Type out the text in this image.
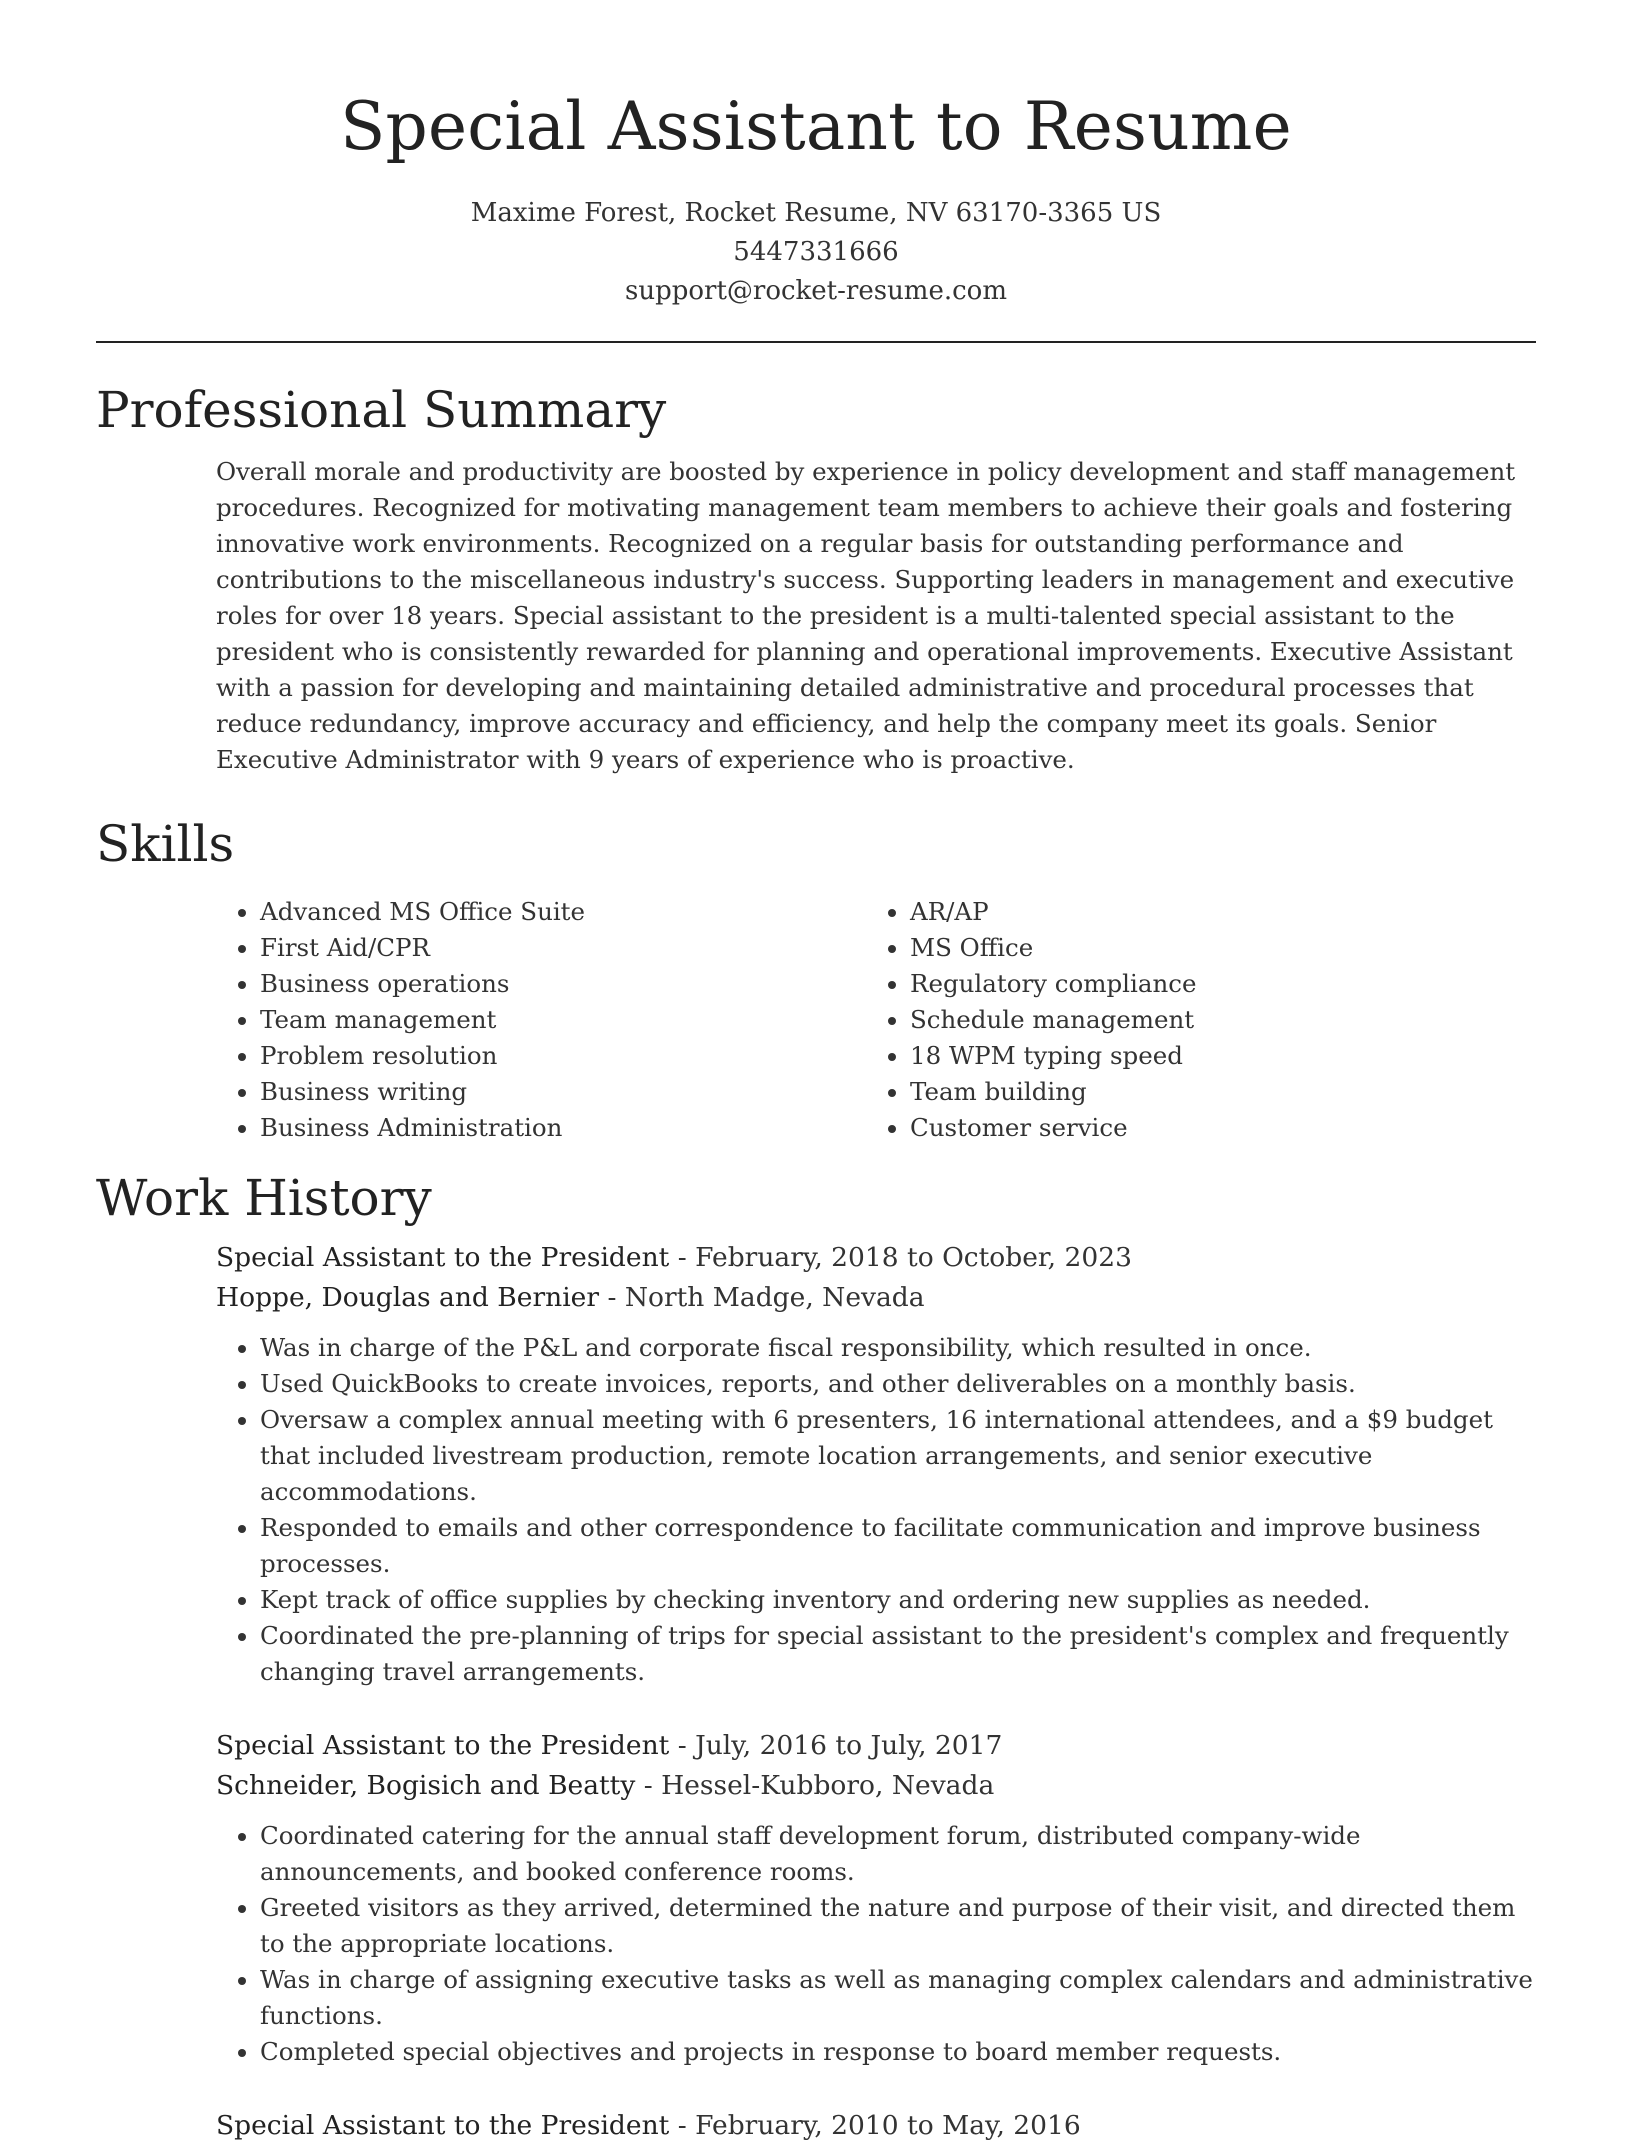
Special Assistant to Resume
Maxime Forest, Rocket Resume, NV 63170-3365 US
5447331666
support@rocket-resume.com
Professional Summary
Overall morale and productivity are boosted by experience in policy development and staff management procedures. Recognized for motivating management team members to achieve their goals and fostering innovative work environments. Recognized on a regular basis for outstanding performance and contributions to the miscellaneous industry's success. Supporting leaders in management and executive roles for over 18 years. Special assistant to the president is a multi-talented special assistant to the president who is consistently rewarded for planning and operational improvements. Executive Assistant with a passion for developing and maintaining detailed administrative and procedural processes that reduce redundancy, improve accuracy and efficiency, and help the company meet its goals. Senior Executive Administrator with 9 years of experience who is proactive.
Skills
• Advanced MS Office Suite
• First Aid/CPR
• Business operations
• Team management
• Problem resolution
• Business writing
• Business Administration
• AR/AP
• MS Office
• Regulatory compliance
• Schedule management
• 18 WPM typing speed
• Team building
• Customer service
Work History
Special Assistant to the President - February, 2018 to October, 2023
Hoppe, Douglas and Bernier - North Madge, Nevada
• Was in charge of the P&L and corporate fiscal responsibility, which resulted in once.
• Used QuickBooks to create invoices, reports, and other deliverables on a monthly basis.
• Oversaw a complex annual meeting with 6 presenters, 16 international attendees, and a $9 budget that included livestream production, remote location arrangements, and senior executive accommodations.
• Responded to emails and other correspondence to facilitate communication and improve business processes.
• Kept track of office supplies by checking inventory and ordering new supplies as needed.
• Coordinated the pre-planning of trips for special assistant to the president's complex and frequently changing travel arrangements.
Special Assistant to the President - July, 2016 to July, 2017
Schneider, Bogisich and Beatty - Hessel-Kubboro, Nevada
• Coordinated catering for the annual staff development forum, distributed company-wide announcements, and booked conference rooms.
• Greeted visitors as they arrived, determined the nature and purpose of their visit, and directed them to the appropriate locations.
• Was in charge of assigning executive tasks as well as managing complex calendars and administrative functions.
• Completed special objectives and projects in response to board member requests.
Special Assistant to the President - February, 2010 to May, 2016
